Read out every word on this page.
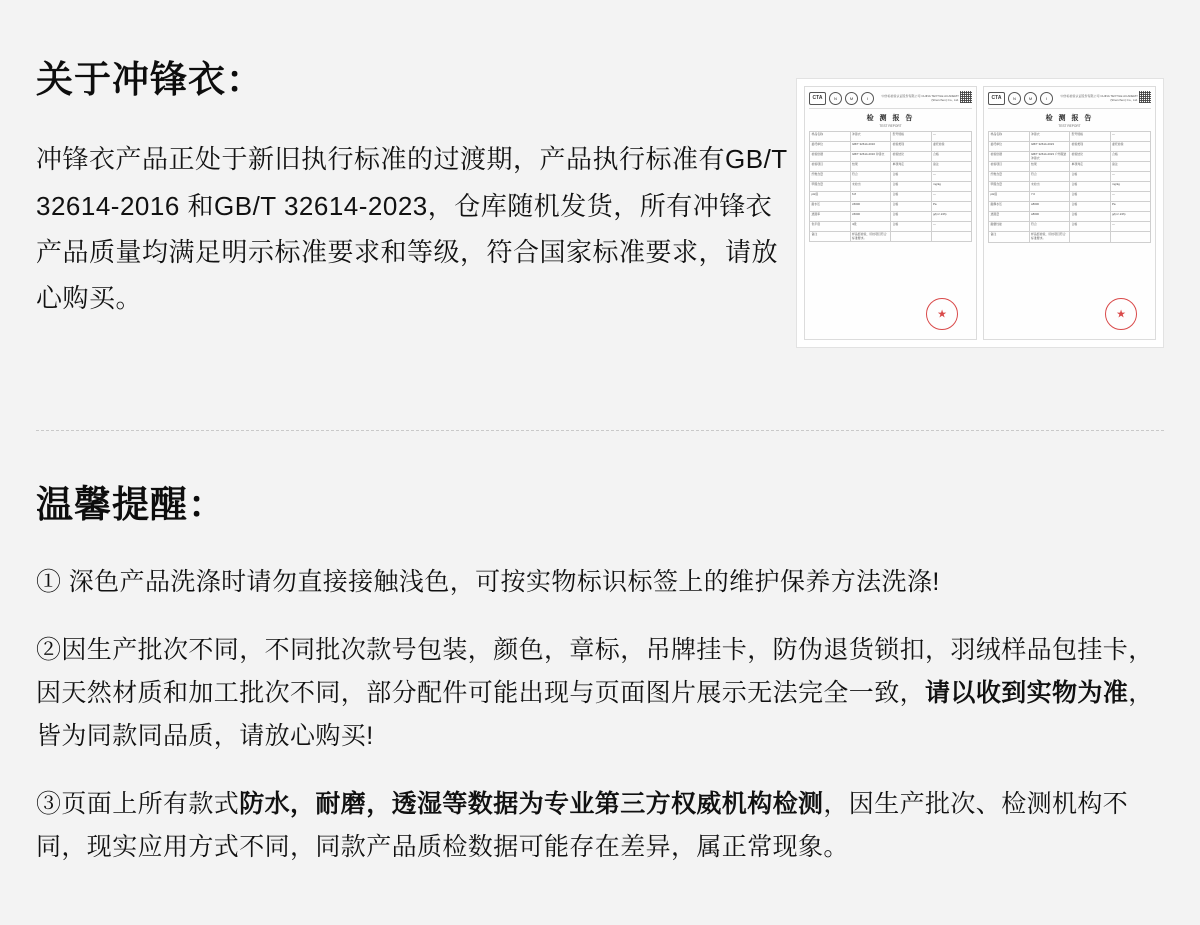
关于冲锋衣：

冲锋衣产品正处于新旧执行标准的过渡期，产品执行标准有GB/T 32614-2016 和GB/T 32614-2023，仓库随机发货，所有冲锋衣产品质量均满足明示标准要求和等级，符合国家标准要求，请放心购买。

CTA	N	M	I	中纺标检验认证股份有限公司 CHINA TEXTILE ACADEMY (Shenzhen) Co., Ltd.
检 测 报 告
TEST REPORT
样品名称	冲锋衣	型号规格	—
委托单位	GB/T 32614-2016	检验类别	委托检验
检验依据	GB/T 32614-2016 冲锋衣	检验结论	合格
检验项目	结果	单项判定	备注
纤维含量	符合	合格	—
甲醛含量	未检出	合格	mg/kg
pH值	6.8	合格	—
耐水压	≥5000	合格	Pa
透湿率	≥5000	合格	g/(m²·24h)
色牢度	4级	合格	—
备注	样品经检验，所检项目符合标准要求。		
★
CTA	N	M	I	中纺标检验认证股份有限公司 CHINA TEXTILE ACADEMY (Shenzhen) Co., Ltd.
检 测 报 告
TEST REPORT
样品名称	冲锋衣	型号规格	—
委托单位	GB/T 32614-2023	检验类别	委托检验
检验依据	GB/T 32614-2023 户外服装 冲锋衣	检验结论	合格
检验项目	结果	单项判定	备注
纤维含量	符合	合格	—
甲醛含量	未检出	合格	mg/kg
pH值	7.0	合格	—
耐静水压	≥8000	合格	Pa
透湿量	≥8000	合格	g/(m²·24h)
耐磨性能	符合	合格	—
备注	样品经检验，所检项目符合标准要求。		
★
温馨提醒：

① 深色产品洗涤时请勿直接接触浅色，可按实物标识标签上的维护保养方法洗涤!

②因生产批次不同，不同批次款号包装，颜色，章标，吊牌挂卡，防伪退货锁扣，羽绒样品包挂卡，因天然材质和加工批次不同，部分配件可能出现与页面图片展示无法完全一致，请以收到实物为准，皆为同款同品质，请放心购买!

③页面上所有款式防水，耐磨，透湿等数据为专业第三方权威机构检测，因生产批次、检测机构不同，现实应用方式不同，同款产品质检数据可能存在差异，属正常现象。
